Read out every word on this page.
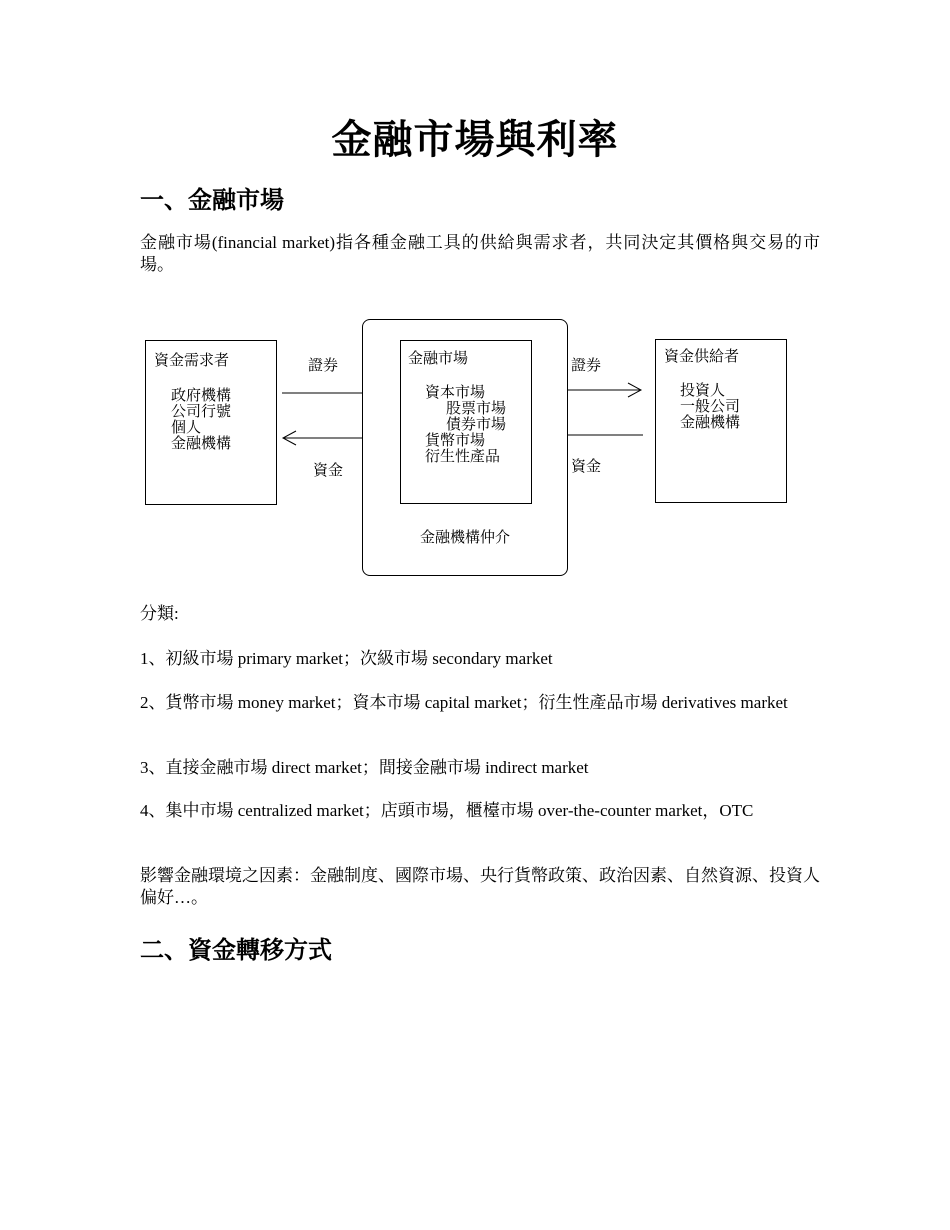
金融市場與利率
一、金融市場
金融市場(financial market)指各種金融工具的供給與需求者，共同決定其價格與交易的市場。
資金需求者
政府機構
公司行號
個人
金融機構
證券
資金
金融機構仲介
金融市場
資本市場
股票市場
債券市場
貨幣市場
衍生性產品
證券
資金
資金供給者
投資人
一般公司
金融機構
分類:
1、初級市場 primary market；次級市場 secondary market
2、貨幣市場 money market；資本市場 capital market；衍生性產品市場 derivatives market
3、直接金融市場 direct market；間接金融市場 indirect market
4、集中市場 centralized market；店頭市場，櫃檯市場 over-the-counter market，OTC
影響金融環境之因素：金融制度、國際市場、央行貨幣政策、政治因素、自然資源、投資人偏好…。
二、資金轉移方式
